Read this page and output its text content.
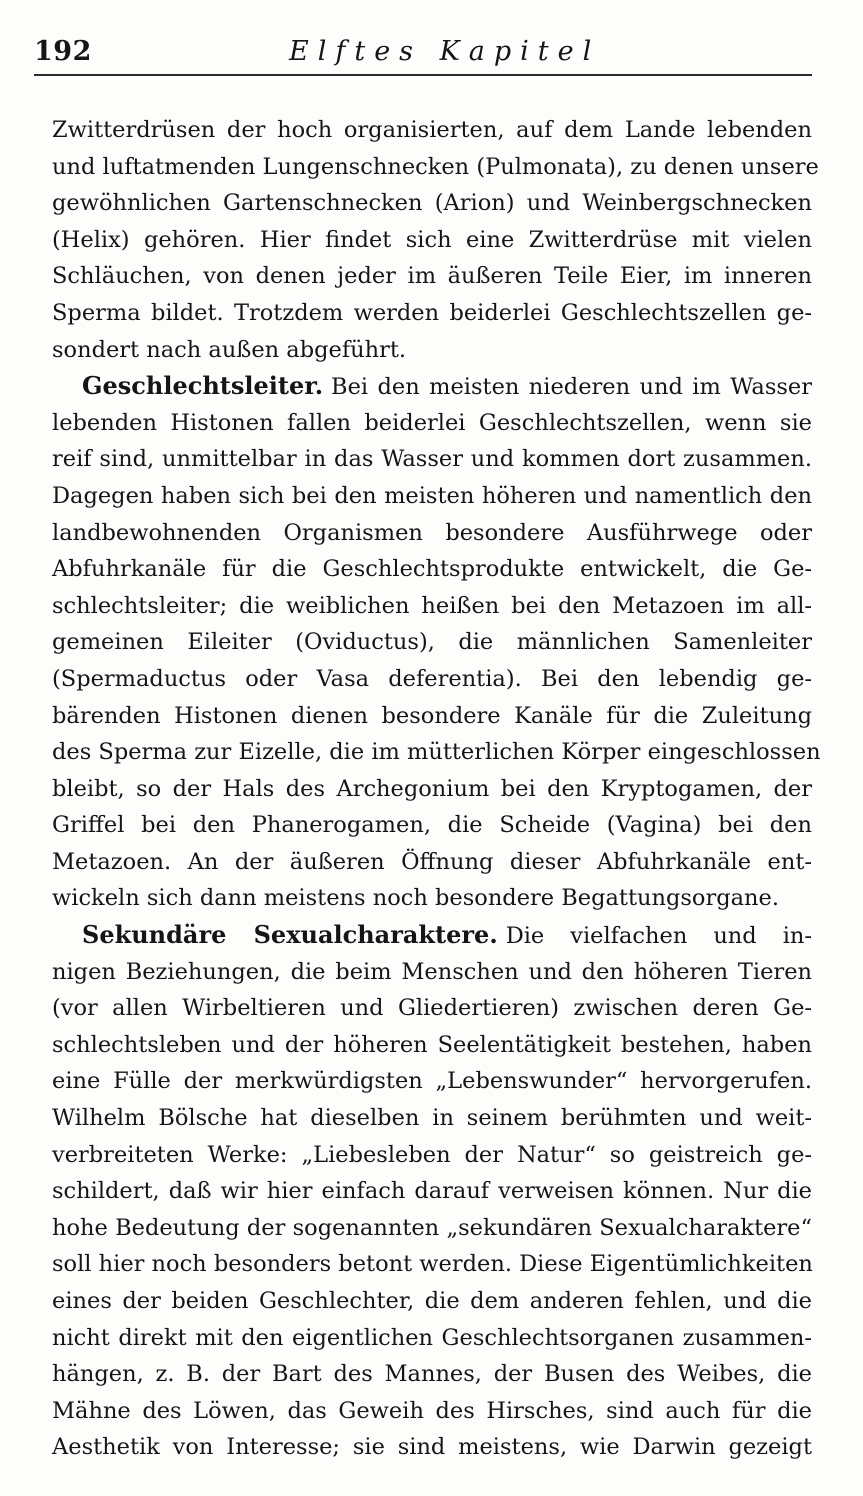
192	Elftes Kapitel
Zwitterdrüsen der hoch organisierten, auf dem Lande lebenden
und luftatmenden Lungenschnecken (Pulmonata), zu denen unsere
gewöhnlichen Gartenschnecken (Arion) und Weinbergschnecken
(Helix) gehören. Hier findet sich eine Zwitterdrüse mit vielen
Schläuchen, von denen jeder im äußeren Teile Eier, im inneren
Sperma bildet. Trotzdem werden beiderlei Geschlechtszellen ge-
sondert nach außen abgeführt.
Geschlechtsleiter. Bei den meisten niederen und im Wasser
lebenden Histonen fallen beiderlei Geschlechtszellen, wenn sie
reif sind, unmittelbar in das Wasser und kommen dort zusammen.
Dagegen haben sich bei den meisten höheren und namentlich den
landbewohnenden Organismen besondere Ausführwege oder
Abfuhrkanäle für die Geschlechtsprodukte entwickelt, die Ge-
schlechtsleiter; die weiblichen heißen bei den Metazoen im all-
gemeinen Eileiter (Oviductus), die männlichen Samenleiter
(Spermaductus oder Vasa deferentia). Bei den lebendig ge-
bärenden Histonen dienen besondere Kanäle für die Zuleitung
des Sperma zur Eizelle, die im mütterlichen Körper eingeschlossen
bleibt, so der Hals des Archegonium bei den Kryptogamen, der
Griffel bei den Phanerogamen, die Scheide (Vagina) bei den
Metazoen. An der äußeren Öffnung dieser Abfuhrkanäle ent-
wickeln sich dann meistens noch besondere Begattungsorgane.
Sekundäre Sexualcharaktere. Die vielfachen und in-
nigen Beziehungen, die beim Menschen und den höheren Tieren
(vor allen Wirbeltieren und Gliedertieren) zwischen deren Ge-
schlechtsleben und der höheren Seelentätigkeit bestehen, haben
eine Fülle der merkwürdigsten „Lebenswunder“ hervorgerufen.
Wilhelm Bölsche hat dieselben in seinem berühmten und weit-
verbreiteten Werke: „Liebesleben der Natur“ so geistreich ge-
schildert, daß wir hier einfach darauf verweisen können. Nur die
hohe Bedeutung der sogenannten „sekundären Sexualcharaktere“
soll hier noch besonders betont werden. Diese Eigentümlichkeiten
eines der beiden Geschlechter, die dem anderen fehlen, und die
nicht direkt mit den eigentlichen Geschlechtsorganen zusammen-
hängen, z. B. der Bart des Mannes, der Busen des Weibes, die
Mähne des Löwen, das Geweih des Hirsches, sind auch für die
Aesthetik von Interesse; sie sind meistens, wie Darwin gezeigt
